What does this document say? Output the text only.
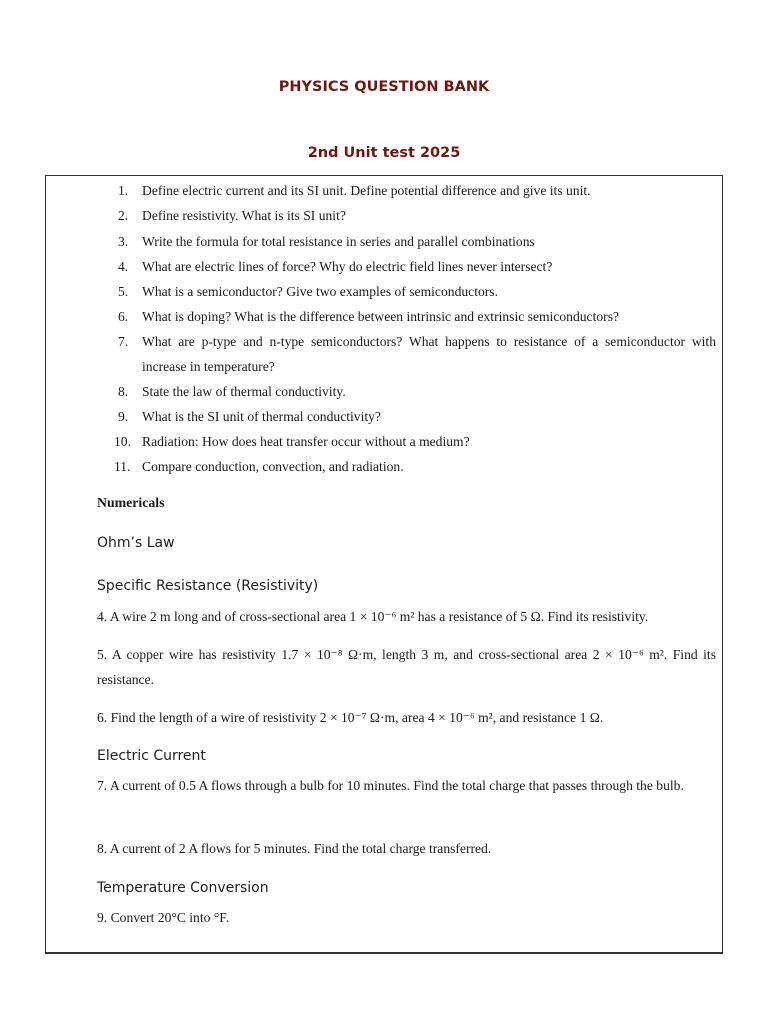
PHYSICS QUESTION BANK
2nd Unit test 2025
1. Define electric current and its SI unit. Define potential difference and give its unit.
2. Define resistivity. What is its SI unit?
3. Write the formula for total resistance in series and parallel combinations
4. What are electric lines of force? Why do electric field lines never intersect?
5. What is a semiconductor? Give two examples of semiconductors.
6. What is doping? What is the difference between intrinsic and extrinsic semiconductors?
7. What are p-type and n-type semiconductors? What happens to resistance of a semiconductor with increase in temperature?
8. State the law of thermal conductivity.
9. What is the SI unit of thermal conductivity?
10. Radiation: How does heat transfer occur without a medium?
11. Compare conduction, convection, and radiation.
Numericals
Ohm’s Law
Specific Resistance (Resistivity)
4. A wire 2 m long and of cross-sectional area 1 × 10⁻⁶ m² has a resistance of 5 Ω. Find its resistivity.
5. A copper wire has resistivity 1.7 × 10⁻⁸ Ω·m, length 3 m, and cross-sectional area 2 × 10⁻⁶ m². Find its resistance.
6. Find the length of a wire of resistivity 2 × 10⁻⁷ Ω·m, area 4 × 10⁻⁶ m², and resistance 1 Ω.
Electric Current
7. A current of 0.5 A flows through a bulb for 10 minutes. Find the total charge that passes through the bulb.
8. A current of 2 A flows for 5 minutes. Find the total charge transferred.
Temperature Conversion
9. Convert 20°C into °F.
